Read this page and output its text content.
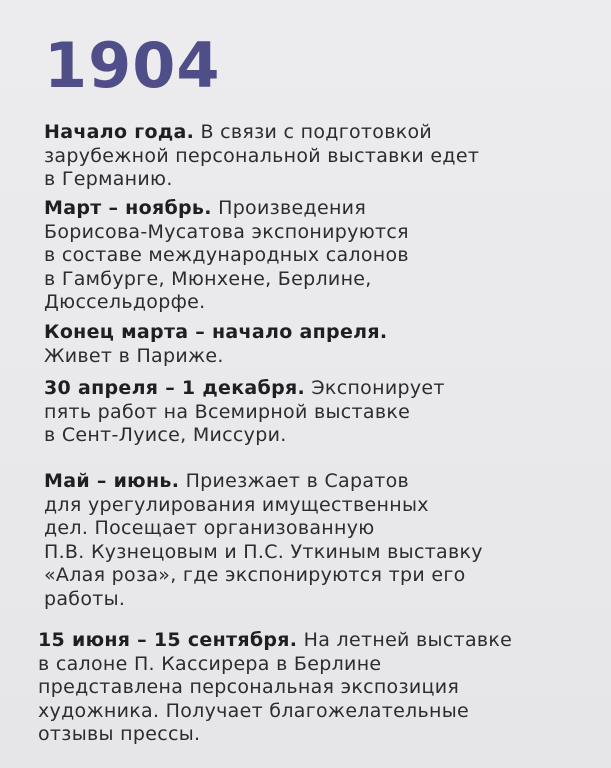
1904

Начало года. В связи с подготовкой
зарубежной персональной выставки едет
в Германию.

Март – ноябрь. Произведения
Борисова-Мусатова экспонируются
в составе международных салонов
в Гамбурге, Мюнхене, Берлине,
Дюссельдорфе.

Конец марта – начало апреля.
Живет в Париже.

30 апреля – 1 декабря. Экспонирует
пять работ на Всемирной выставке
в Сент-Луисе, Миссури.

Май – июнь. Приезжает в Саратов
для урегулирования имущественных
дел. Посещает организованную
П.В. Кузнецовым и П.С. Уткиным выставку
«Алая роза», где экспонируются три его
работы.

15 июня – 15 сентября. На летней выставке
в салоне П. Кассирера в Берлине
представлена персональная экспозиция
художника. Получает благожелательные
отзывы прессы.
